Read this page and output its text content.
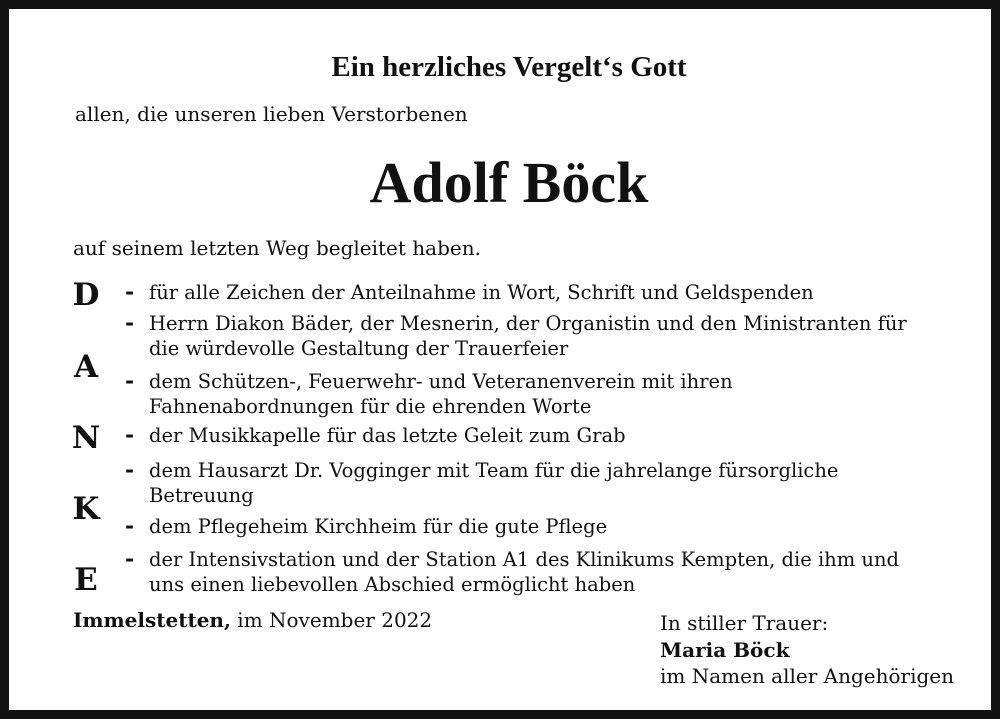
Ein herzliches Vergelt‘s Gott
allen, die unseren lieben Verstorbenen
Adolf Böck
auf seinem letzten Weg begleitet haben.
D
A
N
K
E
- für alle Zeichen der Anteilnahme in Wort, Schrift und Geldspenden
- Herrn Diakon Bäder, der Mesnerin, der Organistin und den Ministranten für
die würdevolle Gestaltung der Trauerfeier
- dem Schützen-, Feuerwehr- und Veteranenverein mit ihren
Fahnenabordnungen für die ehrenden Worte
- der Musikkapelle für das letzte Geleit zum Grab
- dem Hausarzt Dr. Vogginger mit Team für die jahrelange fürsorgliche
Betreuung
- dem Pflegeheim Kirchheim für die gute Pflege
- der Intensivstation und der Station A1 des Klinikums Kempten, die ihm und
uns einen liebevollen Abschied ermöglicht haben
Immelstetten, im November 2022	In stiller Trauer:
Maria Böck
im Namen aller Angehörigen
